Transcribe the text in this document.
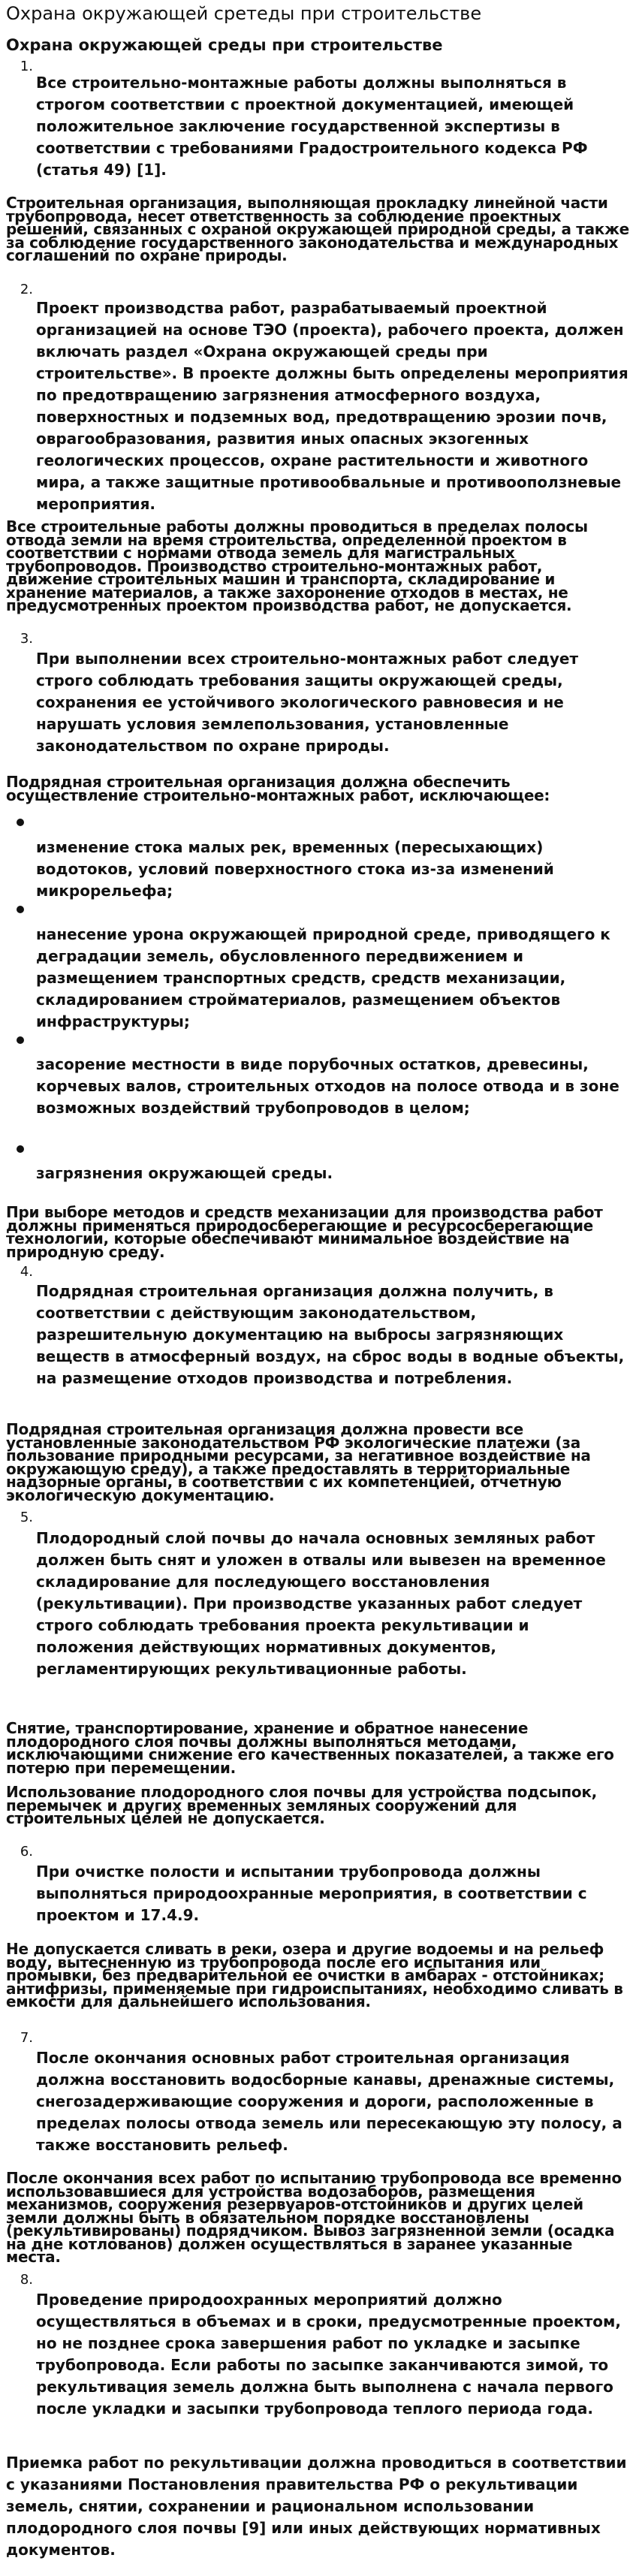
Охрана окружающей сретеды при строительстве
Охрана окружающей среды при строительстве
1.
Все строительно-монтажные работы должны выполняться в строгом соответствии с проектной документацией, имеющей положительное заключение государственной экспертизы в соответствии с требованиями Градостроительного кодекса РФ (статья 49) [1].
Строительная организация, выполняющая прокладку линейной части трубопровода, несет ответственность за соблюдение проектных решений, связанных с охраной окружающей природной среды, а также за соблюдение государственного законодательства и международных соглашений по охране природы.
2.
Проект производства работ, разрабатываемый проектной организацией на основе ТЭО (проекта), рабочего проекта, должен включать раздел «Охрана окружающей среды при строительстве». В проекте должны быть определены мероприятия по предотвращению загрязнения атмосферного воздуха, поверхностных и подземных вод, предотвращению эрозии почв, оврагообразования, развития иных опасных экзогенных геологических процессов, охране растительности и животного мира, а также защитные противообвальные и противооползневые мероприятия.
Все строительные работы должны проводиться в пределах полосы отвода земли на время строительства, определенной проектом в соответствии с нормами отвода земель для магистральных трубопроводов. Производство строительно-монтажных работ, движение строительных машин и транспорта, складирование и хранение материалов, а также захоронение отходов в местах, не предусмотренных проектом производства работ, не допускается.
3.
При выполнении всех строительно-монтажных работ следует строго соблюдать требования защиты окружающей среды, сохранения ее устойчивого экологического равновесия и не нарушать условия землепользования, установленные законодательством по охране природы.
Подрядная строительная организация должна обеспечить осуществление строительно-монтажных работ, исключающее:
изменение стока малых рек, временных (пересыхающих) водотоков, условий поверхностного стока из-за изменений микрорельефа;
нанесение урона окружающей природной среде, приводящего к деградации земель, обусловленного передвижением и размещением транспортных средств, средств механизации, складированием стройматериалов, размещением объектов инфраструктуры;
засорение местности в виде порубочных остатков, древесины, корчевых валов, строительных отходов на полосе отвода и в зоне возможных воздействий трубопроводов в целом;
загрязнения окружающей среды.
При выборе методов и средств механизации для производства работ должны применяться природосберегающие и ресурсосберегающие технологии, которые обеспечивают минимальное воздействие на природную среду.
4.
Подрядная строительная организация должна получить, в соответствии с действующим законодательством, разрешительную документацию на выбросы загрязняющих веществ в атмосферный воздух, на сброс воды в водные объекты, на размещение отходов производства и потребления.
Подрядная строительная организация должна провести все установленные законодательством РФ экологические платежи (за пользование природными ресурсами, за негативное воздействие на окружающую среду), а также предоставлять в территориальные надзорные органы, в соответствии с их компетенцией, отчетную экологическую документацию.
5.
Плодородный слой почвы до начала основных земляных работ должен быть снят и уложен в отвалы или вывезен на временное складирование для последующего восстановления (рекультивации). При производстве указанных работ следует строго соблюдать требования проекта рекультивации и положения действующих нормативных документов, регламентирующих рекультивационные работы.
Снятие, транспортирование, хранение и обратное нанесение плодородного слоя почвы должны выполняться методами, исключающими снижение его качественных показателей, а также его потерю при перемещении.
Использование плодородного слоя почвы для устройства подсыпок, перемычек и других временных земляных сооружений для строительных целей не допускается.
6.
При очистке полости и испытании трубопровода должны выполняться природоохранные мероприятия, в соответствии с проектом и 17.4.9.
Не допускается сливать в реки, озера и другие водоемы и на рельеф воду, вытесненную из трубопровода после его испытания или промывки, без предварительной ее очистки в амбарах - отстойниках; антифризы, применяемые при гидроиспытаниях, необходимо сливать в емкости для дальнейшего использования.
7.
После окончания основных работ строительная организация должна восстановить водосборные канавы, дренажные системы, снегозадерживающие сооружения и дороги, расположенные в пределах полосы отвода земель или пересекающую эту полосу, а также восстановить рельеф.
После окончания всех работ по испытанию трубопровода все временно использовавшиеся для устройства водозаборов, размещения механизмов, сооружения резервуаров-отстойников и других целей земли должны быть в обязательном порядке восстановлены (рекультивированы) подрядчиком. Вывоз загрязненной земли (осадка на дне котлованов) должен осуществляться в заранее указанные места.
8.
Проведение природоохранных мероприятий должно осуществляться в объемах и в сроки, предусмотренные проектом, но не позднее срока завершения работ по укладке и засыпке трубопровода. Если работы по засыпке заканчиваются зимой, то рекультивация земель должна быть выполнена с начала первого после укладки и засыпки трубопровода теплого периода года.
Приемка работ по рекультивации должна проводиться в соответствии с указаниями Постановления правительства РФ о рекультивации земель, снятии, сохранении и рациональном использовании плодородного слоя почвы [9] или иных действующих нормативных документов.
